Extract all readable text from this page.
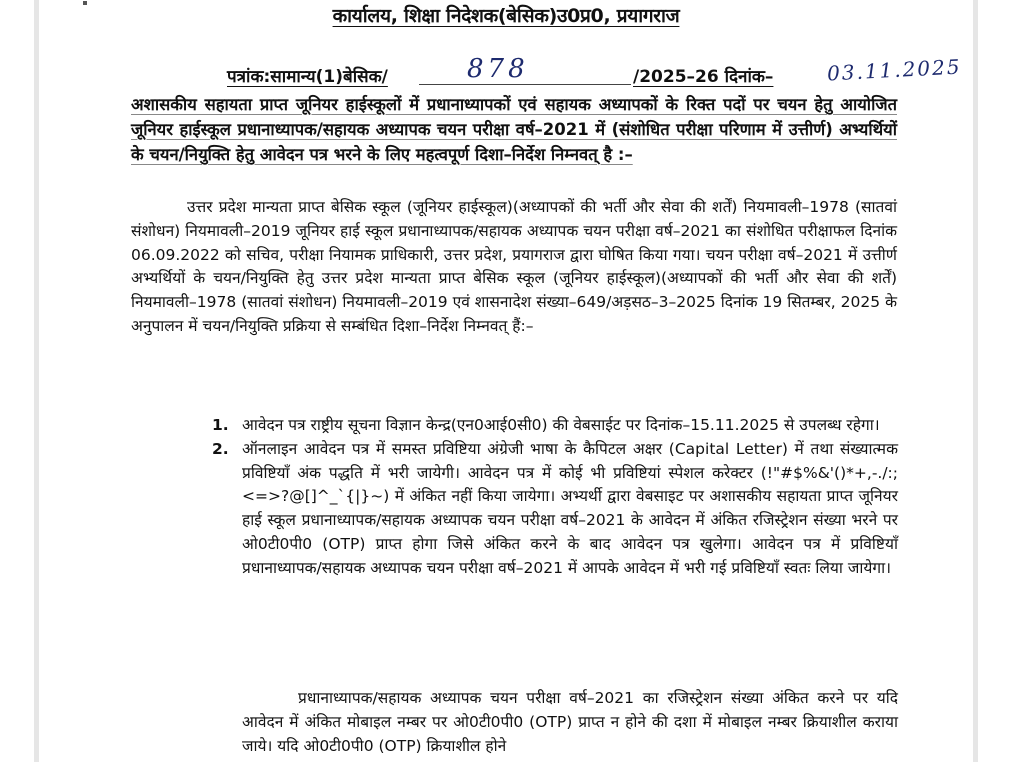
कार्यालय, शिक्षा निदेशक(बेसिक)उ0प्र0, प्रयागराज
पत्रांक:सामान्य(1)बेसिक/	878	/2025–26 दिनांक–	03.11.2025
अशासकीय सहायता प्राप्त जूनियर हाईस्कूलों में प्रधानाध्यापकों एवं सहायक अध्यापकों के रिक्त पदों पर चयन हेतु आयोजित जूनियर हाईस्कूल प्रधानाध्यापक/सहायक अध्यापक चयन परीक्षा वर्ष–2021 में (संशोधित परीक्षा परिणाम में उत्तीर्ण) अभ्यर्थियों के चयन/नियुक्ति हेतु आवेदन पत्र भरने के लिए महत्वपूर्ण दिशा–निर्देश निम्नवत् है :–
उत्तर प्रदेश मान्यता प्राप्त बेसिक स्कूल (जूनियर हाईस्कूल)(अध्यापकों की भर्ती और सेवा की शर्तें) नियमावली–1978 (सातवां संशोधन) नियमावली–2019 जूनियर हाई स्कूल प्रधानाध्यापक/सहायक अध्यापक चयन परीक्षा वर्ष–2021 का संशोधित परीक्षाफल दिनांक 06.09.2022 को सचिव, परीक्षा नियामक प्राधिकारी, उत्तर प्रदेश, प्रयागराज द्वारा घोषित किया गया। चयन परीक्षा वर्ष–2021 में उत्तीर्ण अभ्यर्थियों के चयन/नियुक्ति हेतु उत्तर प्रदेश मान्यता प्राप्त बेसिक स्कूल (जूनियर हाईस्कूल)(अध्यापकों की भर्ती और सेवा की शर्तें) नियमावली–1978 (सातवां संशोधन) नियमावली–2019 एवं शासनादेश संख्या–649/अड़सठ–3–2025 दिनांक 19 सितम्बर, 2025 के अनुपालन में चयन/नियुक्ति प्रक्रिया से सम्बंधित दिशा–निर्देश निम्नवत् हैं:–
1. आवेदन पत्र राष्ट्रीय सूचना विज्ञान केन्द्र(एन0आई0सी0) की वेबसाईट पर दिनांक–15.11.2025 से उपलब्ध रहेगा।
2. ऑनलाइन आवेदन पत्र में समस्त प्रविष्टिया अंग्रेजी भाषा के कैपिटल अक्षर (Capital Letter) में तथा संख्यात्मक प्रविष्टियाँ अंक पद्धति में भरी जायेगी। आवेदन पत्र में कोई भी प्रविष्टियां स्पेशल करेक्टर (!"#$%&'()*+,-./:;<=>?@[]^_`{|}~) में अंकित नहीं किया जायेगा। अभ्यर्थी द्वारा वेबसाइट पर अशासकीय सहायता प्राप्त जूनियर हाई स्कूल प्रधानाध्यापक/सहायक अध्यापक चयन परीक्षा वर्ष–2021 के आवेदन में अंकित रजिस्ट्रेशन संख्या भरने पर ओ0टी0पी0 (OTP) प्राप्त होगा जिसे अंकित करने के बाद आवेदन पत्र खुलेगा। आवेदन पत्र में प्रविष्टियाँ प्रधानाध्यापक/सहायक अध्यापक चयन परीक्षा वर्ष–2021 में आपके आवेदन में भरी गई प्रविष्टियॉं स्वतः लिया जायेगा।
प्रधानाध्यापक/सहायक अध्यापक चयन परीक्षा वर्ष–2021 का रजिस्ट्रेशन संख्या अंकित करने पर यदि आवेदन में अंकित मोबाइल नम्बर पर ओ0टी0पी0 (OTP) प्राप्त न होने की दशा में मोबाइल नम्बर क्रियाशील कराया जाये। यदि ओ0टी0पी0 (OTP) क्रियाशील होने
